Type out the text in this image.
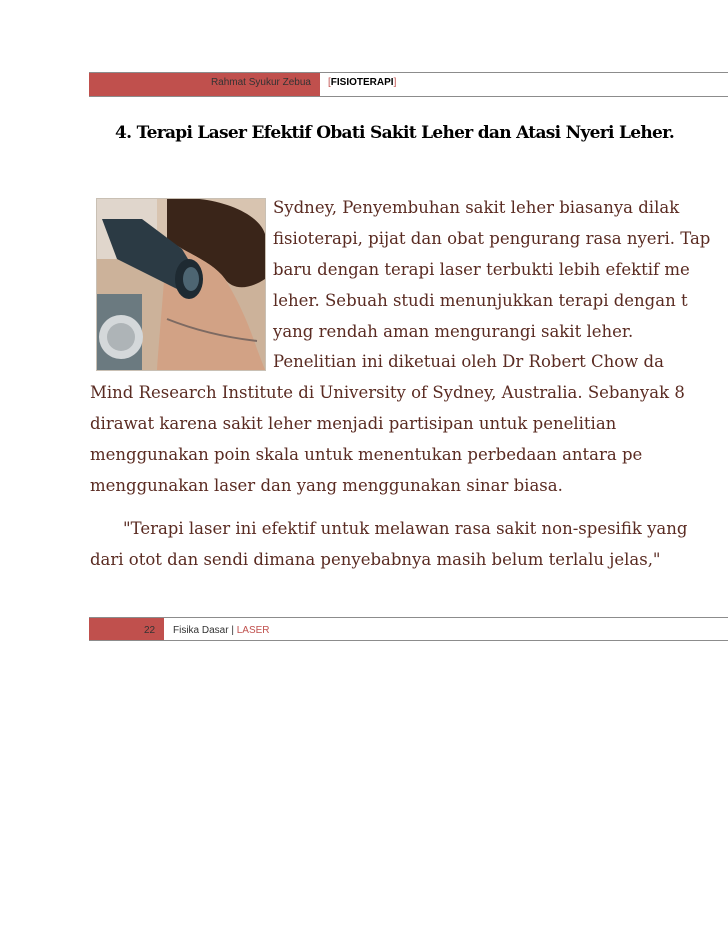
Rahmat Syukur Zebua	[FISIOTERAPI]
4. Terapi Laser Efektif Obati Sakit Leher dan Atasi Nyeri Leher.
Sydney, Penyembuhan sakit leher biasanya dilak
fisioterapi, pijat dan obat pengurang rasa nyeri. Tap
baru dengan terapi laser terbukti lebih efektif me
leher. Sebuah studi menunjukkan terapi dengan t
yang rendah aman mengurangi sakit leher.
Penelitian ini diketuai oleh Dr Robert Chow da
Mind Research Institute di University of Sydney, Australia. Sebanyak 8
dirawat karena sakit leher menjadi partisipan untuk penelitian
menggunakan poin skala untuk menentukan perbedaan antara pe
menggunakan laser dan yang menggunakan sinar biasa.
"Terapi laser ini efektif untuk melawan rasa sakit non-spesifik yang
dari otot dan sendi dimana penyebabnya masih belum terlalu jelas,"
22 Fisika Dasar | LASER
